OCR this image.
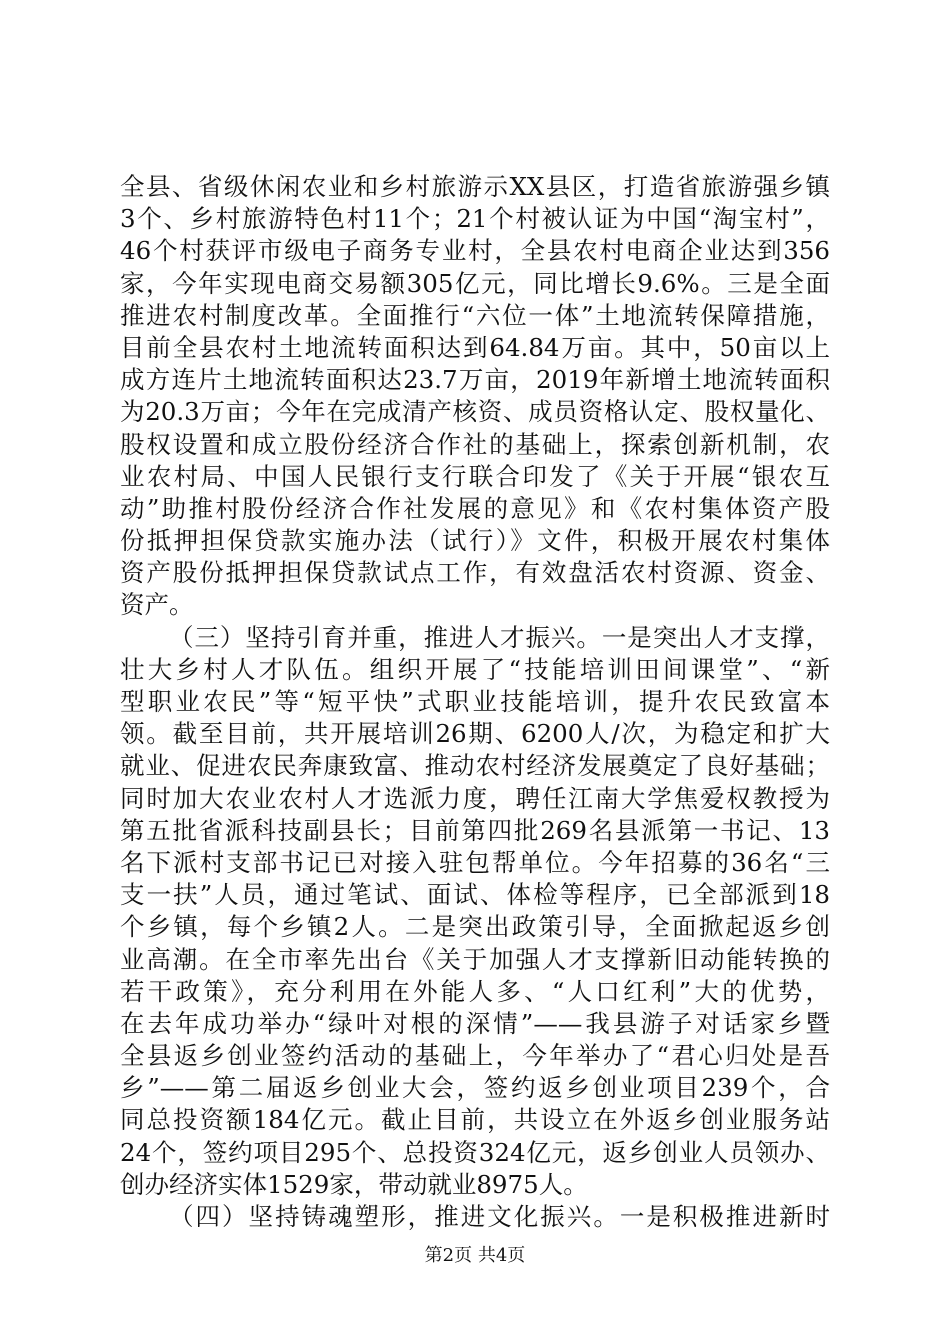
全县、省级休闲农业和乡村旅游示XX县区，打造省旅游强乡镇
3个、乡村旅游特色村11个；21个村被认证为中国“淘宝村”，
46个村获评市级电子商务专业村，全县农村电商企业达到356
家，今年实现电商交易额305亿元，同比增长9.6%。三是全面
推进农村制度改革。全面推行“六位一体”土地流转保障措施，
目前全县农村土地流转面积达到64.84万亩。其中，50亩以上
成方连片土地流转面积达23.7万亩，2019年新增土地流转面积
为20.3万亩；今年在完成清产核资、成员资格认定、股权量化、
股权设置和成立股份经济合作社的基础上，探索创新机制，农
业农村局、中国人民银行支行联合印发了《关于开展“银农互
动”助推村股份经济合作社发展的意见》和《农村集体资产股
份抵押担保贷款实施办法（试行）》文件，积极开展农村集体
资产股份抵押担保贷款试点工作，有效盘活农村资源、资金、
资产。
（三）坚持引育并重，推进人才振兴。一是突出人才支撑，
壮大乡村人才队伍。组织开展了“技能培训田间课堂”、“新
型职业农民”等“短平快”式职业技能培训，提升农民致富本
领。截至目前，共开展培训26期、6200人/次，为稳定和扩大
就业、促进农民奔康致富、推动农村经济发展奠定了良好基础；
同时加大农业农村人才选派力度，聘任江南大学焦爱权教授为
第五批省派科技副县长；目前第四批269名县派第一书记、13
名下派村支部书记已对接入驻包帮单位。今年招募的36名“三
支一扶”人员，通过笔试、面试、体检等程序，已全部派到18
个乡镇，每个乡镇2人。二是突出政策引导，全面掀起返乡创
业高潮。在全市率先出台《关于加强人才支撑新旧动能转换的
若干政策》，充分利用在外能人多、“人口红利”大的优势，
在去年成功举办“绿叶对根的深情”——我县游子对话家乡暨
全县返乡创业签约活动的基础上，今年举办了“君心归处是吾
乡”——第二届返乡创业大会，签约返乡创业项目239个，合
同总投资额184亿元。截止目前，共设立在外返乡创业服务站
24个，签约项目295个、总投资324亿元，返乡创业人员领办、
创办经济实体1529家，带动就业8975人。
（四）坚持铸魂塑形，推进文化振兴。一是积极推进新时
第2页 共4页
